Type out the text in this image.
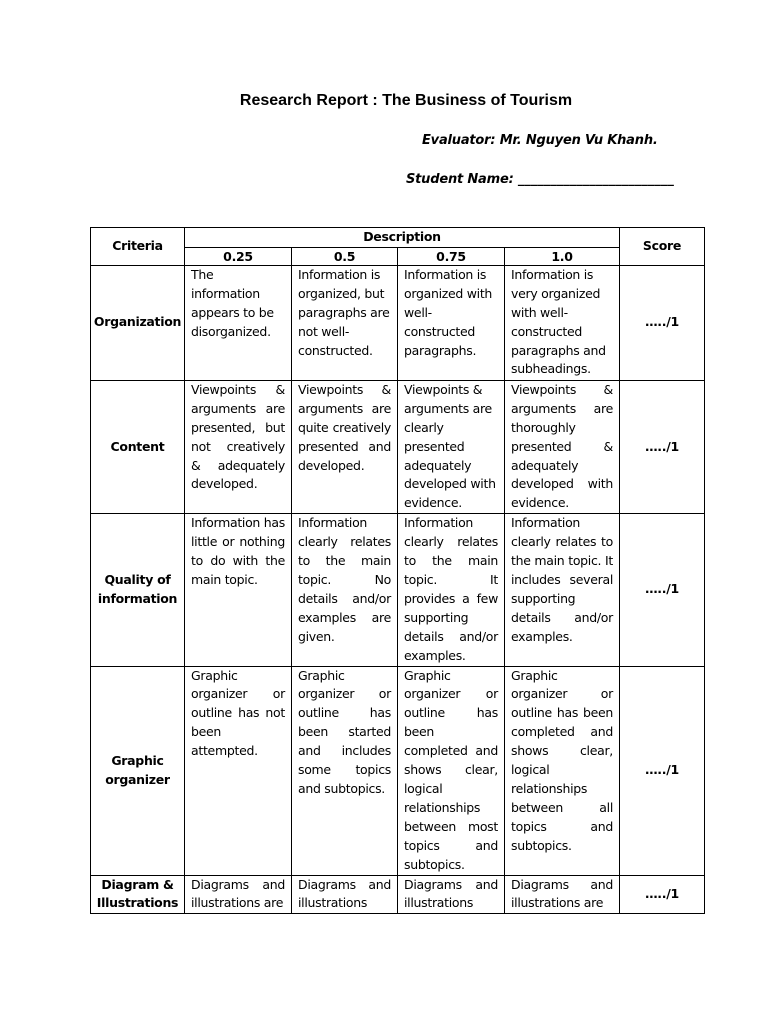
Research Report : The Business of Tourism
Evaluator: Mr. Nguyen Vu Khanh.
Student Name: ________________________
Criteria	Description				Score
	0.25	0.5	0.75	1.0	
Organization	The information appears to be disorganized.	Information is organized, but paragraphs are not well-constructed.	Information is organized with well-constructed paragraphs.	Information is very organized with well-constructed paragraphs and subheadings.	…../1
Content	Viewpoints & arguments are presented, but not creatively & adequately developed.	Viewpoints & arguments are quite creatively presented and developed.	Viewpoints & arguments are clearly presented adequately developed with evidence.	Viewpoints & arguments are thoroughly presented & adequately developed with evidence.	…../1
Quality of information	Information has little or nothing to do with the main topic.	Information clearly relates to the main topic. No details and/or examples are given.	Information clearly relates to the main topic. It provides a few supporting details and/or examples.	Information clearly relates to the main topic. It includes several supporting details and/or examples.	…../1
Graphic organizer	Graphic organizer or outline has not been attempted.	Graphic organizer or outline has been started and includes some topics and subtopics.	Graphic organizer or outline has been completed and shows clear, logical relationships between most topics and subtopics.	Graphic organizer or outline has been completed and shows clear, logical relationships between all topics and subtopics.	…../1
Diagram & Illustrations	Diagrams and illustrations are	Diagrams and illustrations	Diagrams and illustrations	Diagrams and illustrations are	…../1
